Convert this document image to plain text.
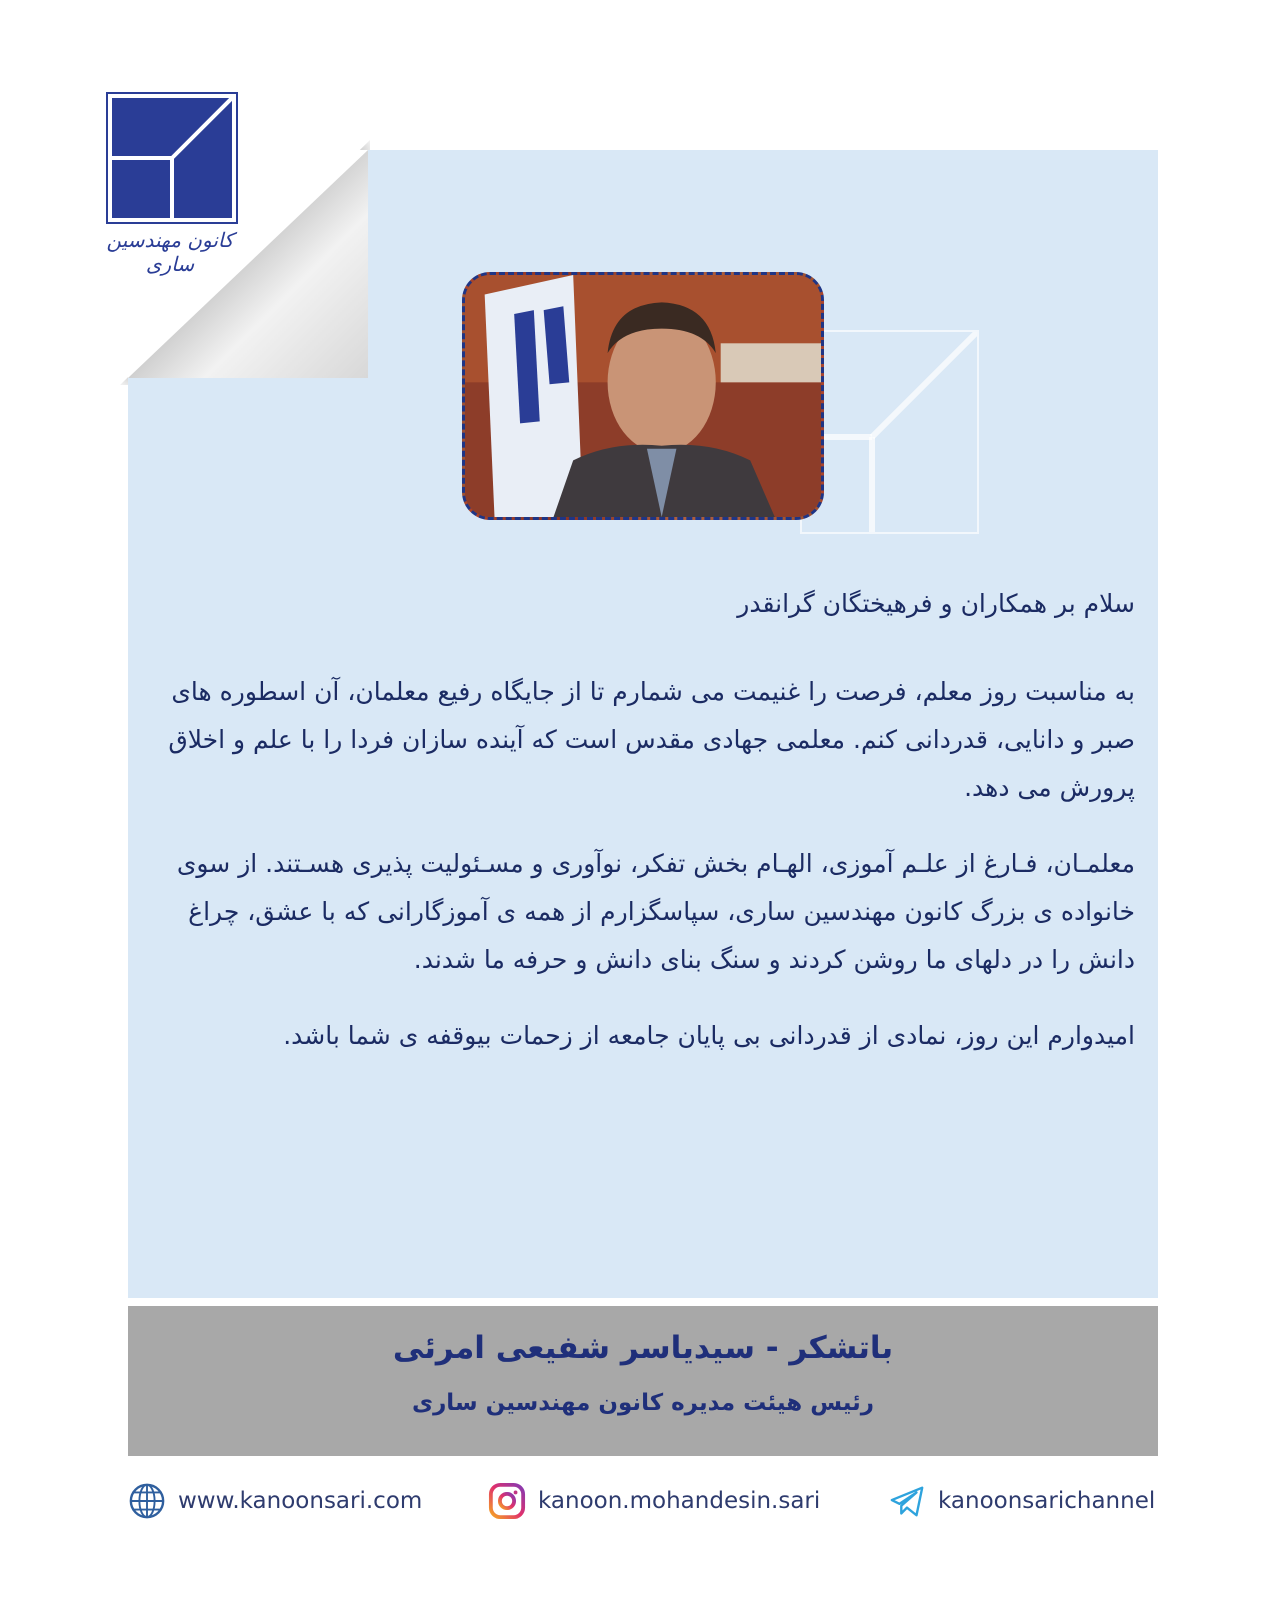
کانون مهندسین ساری

سلام بر همکاران و فرهیختگان گرانقدر

به مناسبت روز معلم، فرصت را غنیمت می شمارم تا از جایگاه رفیع معلمان، آن اسطوره های صبر و دانایی، قدردانی کنم. معلمی جهادی مقدس است که آینده سازان فردا را با علم و اخلاق پرورش می دهد.

معلمـان، فـارغ از علـم آموزی، الهـام بخش تفکر، نوآوری و مسـئولیت پذیری هسـتند. از سوی خانواده ی بزرگ کانون مهندسین ساری، سپاسگزارم از همه ی آموزگارانی که با عشق، چراغ دانش را در دلهای ما روشن کردند و سنگ بنای دانش و حرفه ما شدند.

امیدوارم این روز، نمادی از قدردانی بی پایان جامعه از زحمات بیوقفه ی شما باشد.

باتشکر - سیدیاسر شفیعی امرئی
رئیس هیئت مدیره کانون مهندسین ساری
www.kanoonsari.com	kanoon.mohandesin.sari	kanoonsarichannel
